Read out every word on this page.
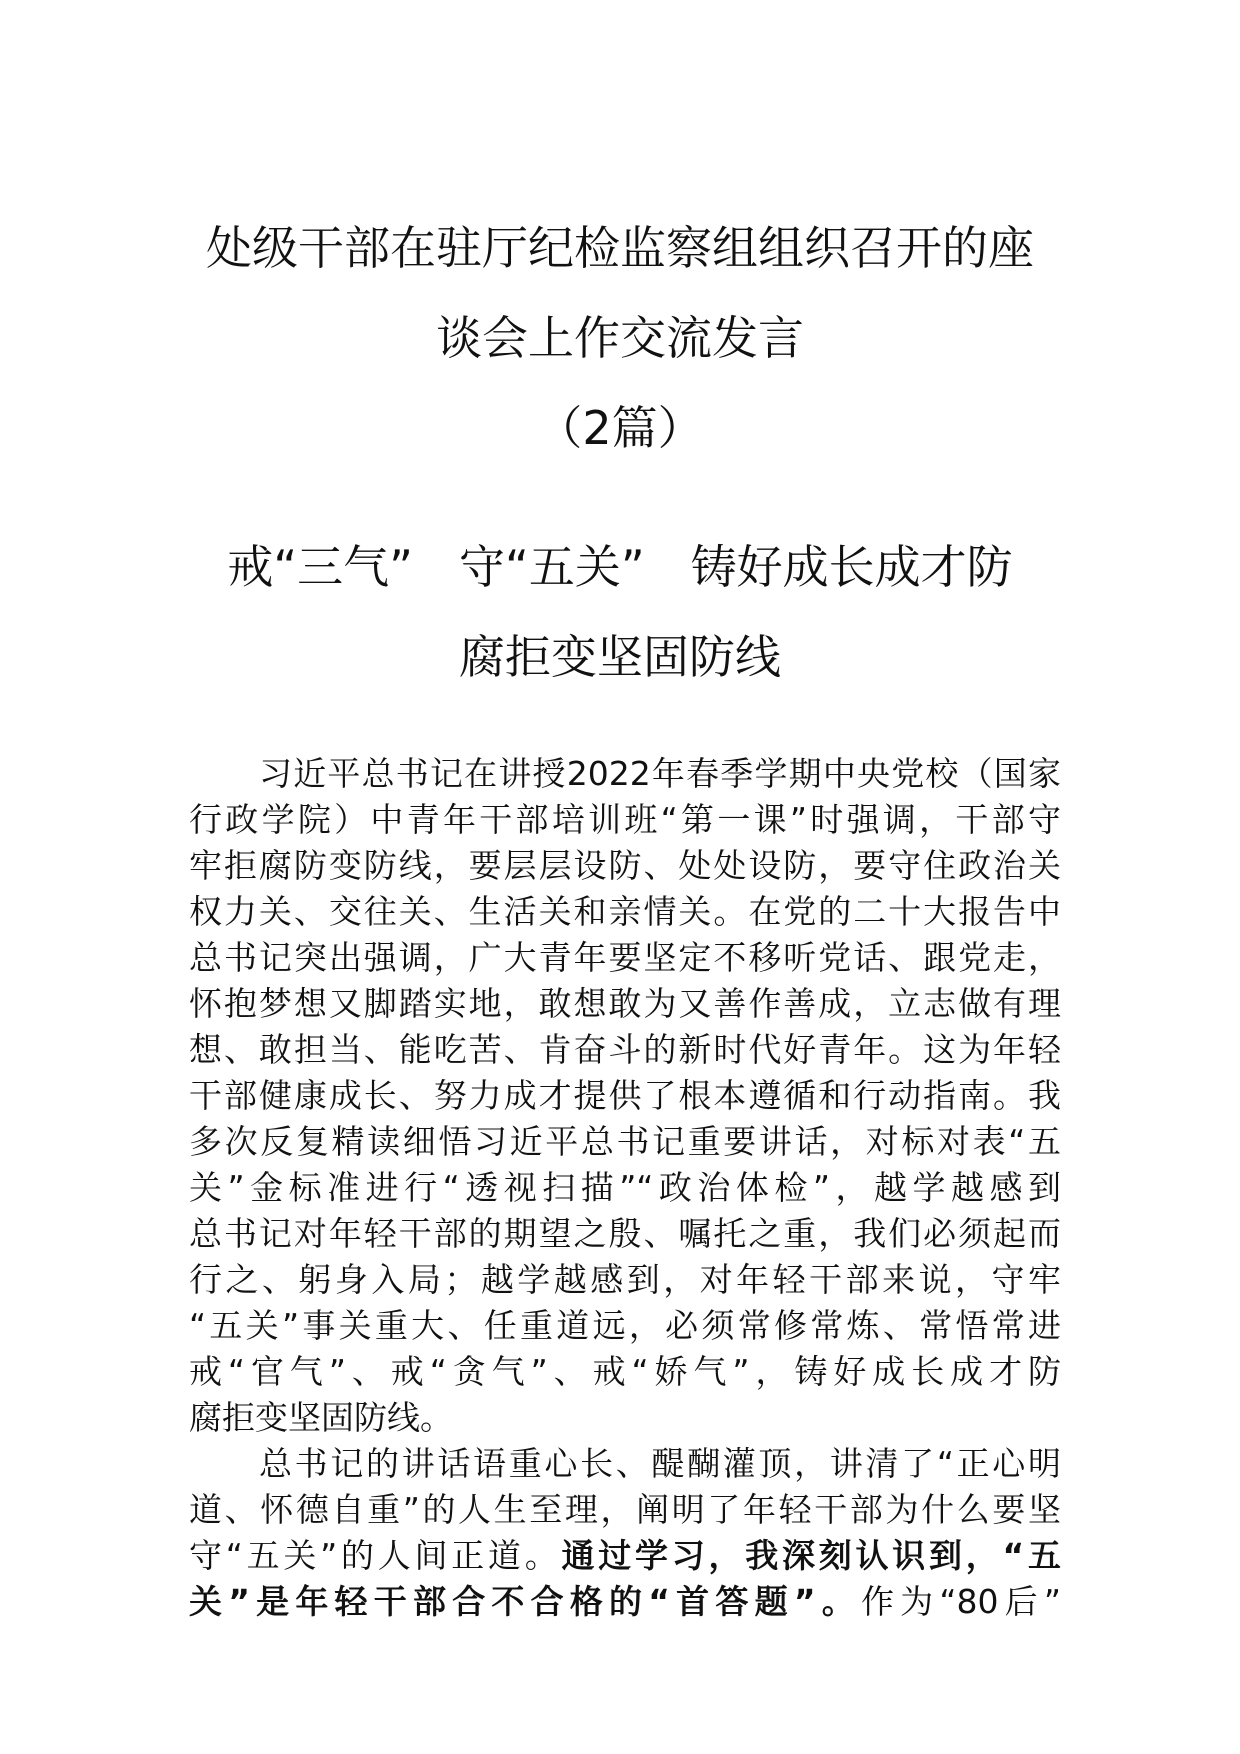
处级干部在驻厅纪检监察组组织召开的座
谈会上作交流发言
（2篇）
戒“三气”　守“五关”　铸好成长成才防
腐拒变坚固防线
习近平总书记在讲授2022年春季学期中央党校（国家
行政学院）中青年干部培训班“第一课”时强调，干部守
牢拒腐防变防线，要层层设防、处处设防，要守住政治关
权力关、交往关、生活关和亲情关。在党的二十大报告中
总书记突出强调，广大青年要坚定不移听党话、跟党走，
怀抱梦想又脚踏实地，敢想敢为又善作善成，立志做有理
想、敢担当、能吃苦、肯奋斗的新时代好青年。这为年轻
干部健康成长、努力成才提供了根本遵循和行动指南。我
多次反复精读细悟习近平总书记重要讲话，对标对表“五
关”金标准进行“透视扫描”“政治体检”，越学越感到
总书记对年轻干部的期望之殷、嘱托之重，我们必须起而
行之、躬身入局；越学越感到，对年轻干部来说，守牢
“五关”事关重大、任重道远，必须常修常炼、常悟常进
戒“官气”、戒“贪气”、戒“娇气”，铸好成长成才防
腐拒变坚固防线。
总书记的讲话语重心长、醍醐灌顶，讲清了“正心明
道、怀德自重”的人生至理，阐明了年轻干部为什么要坚
守“五关”的人间正道。通过学习，我深刻认识到，“五
关”是年轻干部合不合格的“首答题”。作为“80后”
